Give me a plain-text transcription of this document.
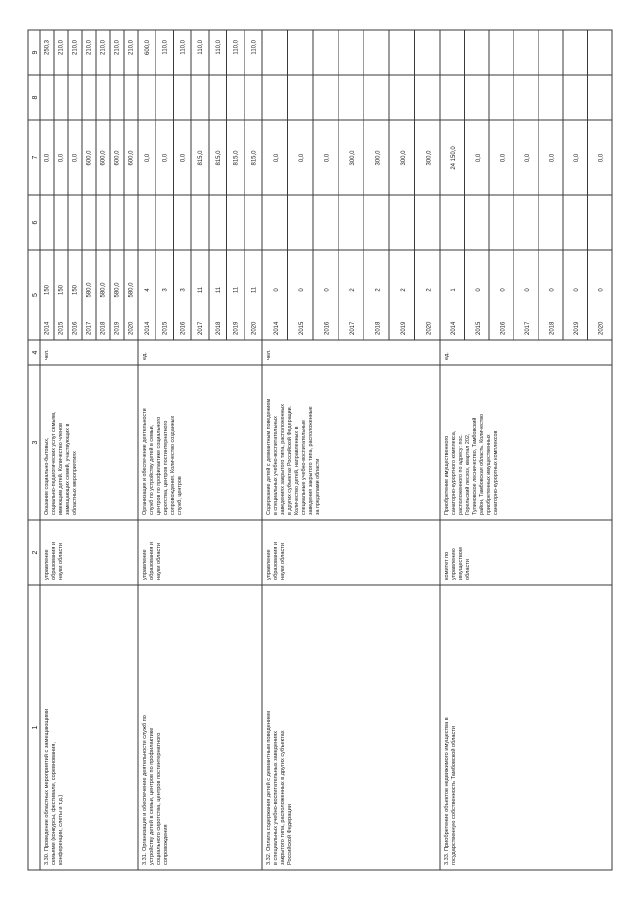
1
2
3
4
5
6
7
8
9
3.30. Проведение областных мероприятий с замещающими семьями (конкурсы, фестивали, соревнования, конференции, слеты и т.д.)
управление образования и науки области
Оказание социально-бытовых, социально-педагогических услуг семьям, имеющим детей. Количество членов замещающих семей, участвующих в областных мероприятиях
чел.
2014
150
0,0
250,3
2015
150
0,0
210,0
2016
150
0,0
210,0
2017
580,0
600,0
210,0
2018
580,0
600,0
210,0
2019
580,0
600,0
210,0
2020
580,0
600,0
210,0
3.31. Организация и обеспечение деятельности служб по устройству детей в семьи, центров по профилактике социального сиротства, центров постинтернатного сопровождения
управление образования и науки области
Организация и обеспечение деятельности служб по устройству детей в семьи, центров по профилактике социального сиротства, центров постинтернатного сопровождения. Количество созданных служб, центров
ед.
2014
4
0,0
600,0
2015
3
0,0
110,0
2016
3
0,0
110,0
2017
11
815,0
110,0
2018
11
815,0
110,0
2019
11
815,0
110,0
2020
11
815,0
110,0
3.32. Оплата содержания детей с девиантным поведением в специальных учебно-воспитательных заведениях закрытого типа, расположенных в других субъектах Российской Федерации
управление образования и науки области
Содержание детей с девиантным поведением в специальных учебно-воспитательных заведениях закрытого типа, расположенных в других субъектах Российской Федерации. Количество детей, направленных в специальные учебно-воспитательные заведения закрытого типа, расположенные за пределами области
чел.
2014
0
0,0
2015
0
0,0
2016
0
0,0
2017
2
300,0
2018
2
300,0
2019
2
300,0
2020
2
300,0
3.33. Приобретение объектов недвижимого имущества в государственную собственность Тамбовской области
комитет по управлению имуществом области
Приобретение имущественного санаторно-курортного комплекса, расположенного по адресу: пос. Горельский лесхоз, квартал 202, Тулиновское лесничество, Тамбовский район, Тамбовская область. Количество приобретенных имущественных санаторно-курортных комплексов
ед.
2014
1
24 150,0
2015
0
0,0
2016
0
0,0
2017
0
0,0
2018
0
0,0
2019
0
0,0
2020
0
0,0
